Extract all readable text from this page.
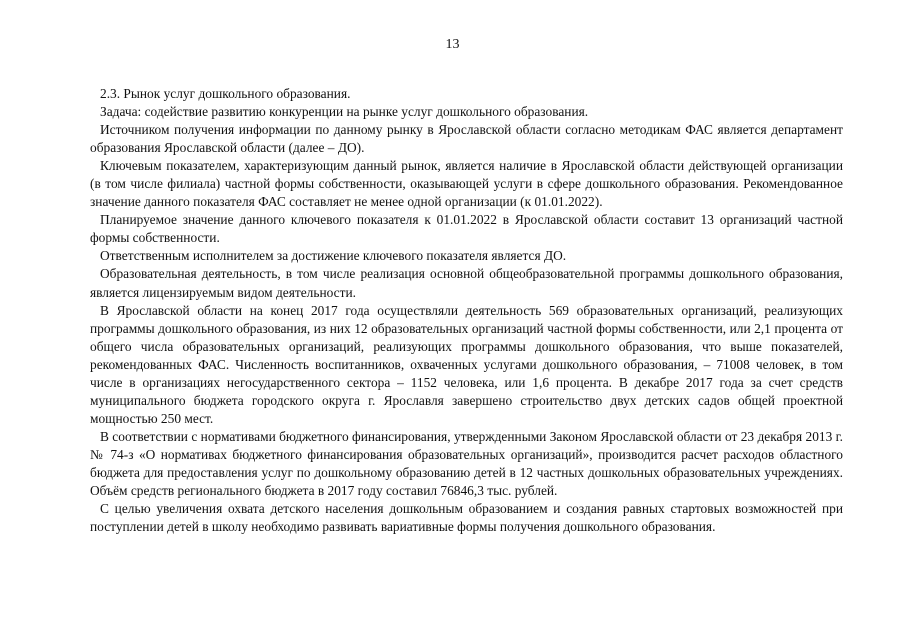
13

2.3. Рынок услуг дошкольного образования.

Задача: содействие развитию конкуренции на рынке услуг дошкольного образования.

Источником получения информации по данному рынку в Ярославской области согласно методикам ФАС является департамент образования Ярославской области (далее – ДО).

Ключевым показателем, характеризующим данный рынок, является наличие в Ярославской области действующей организации (в том числе филиала) частной формы собственности, оказывающей услуги в сфере дошкольного образования. Рекомендованное значение данного показателя ФАС составляет не менее одной организации (к 01.01.2022).

Планируемое значение данного ключевого показателя к 01.01.2022 в Ярославской области составит 13 организаций частной формы собственности.

Ответственным исполнителем за достижение ключевого показателя является ДО.

Образовательная деятельность, в том числе реализация основной общеобразовательной программы дошкольного образования, является лицензируемым видом деятельности.

В Ярославской области на конец 2017 года осуществляли деятельность 569 образовательных организаций, реализующих программы дошкольного образования, из них 12 образовательных организаций частной формы собственности, или 2,1 процента от общего числа образовательных организаций, реализующих программы дошкольного образования, что выше показателей, рекомендованных ФАС. Численность воспитанников, охваченных услугами дошкольного образования, – 71008 человек, в том числе в организациях негосударственного сектора – 1152 человека, или 1,6 процента. В декабре 2017 года за счет средств муниципального бюджета городского округа г. Ярославля завершено строительство двух детских садов общей проектной мощностью 250 мест.

В соответствии с нормативами бюджетного финансирования, утвержденными Законом Ярославской области от 23 декабря 2013 г. № 74-з «О нормативах бюджетного финансирования образовательных организаций», производится расчет расходов областного бюджета для предоставления услуг по дошкольному образованию детей в 12 частных дошкольных образовательных учреждениях. Объём средств регионального бюджета в 2017 году составил 76846,3 тыс. рублей.

С целью увеличения охвата детского населения дошкольным образованием и создания равных стартовых возможностей при поступлении детей в школу необходимо развивать вариативные формы получения дошкольного образования.
